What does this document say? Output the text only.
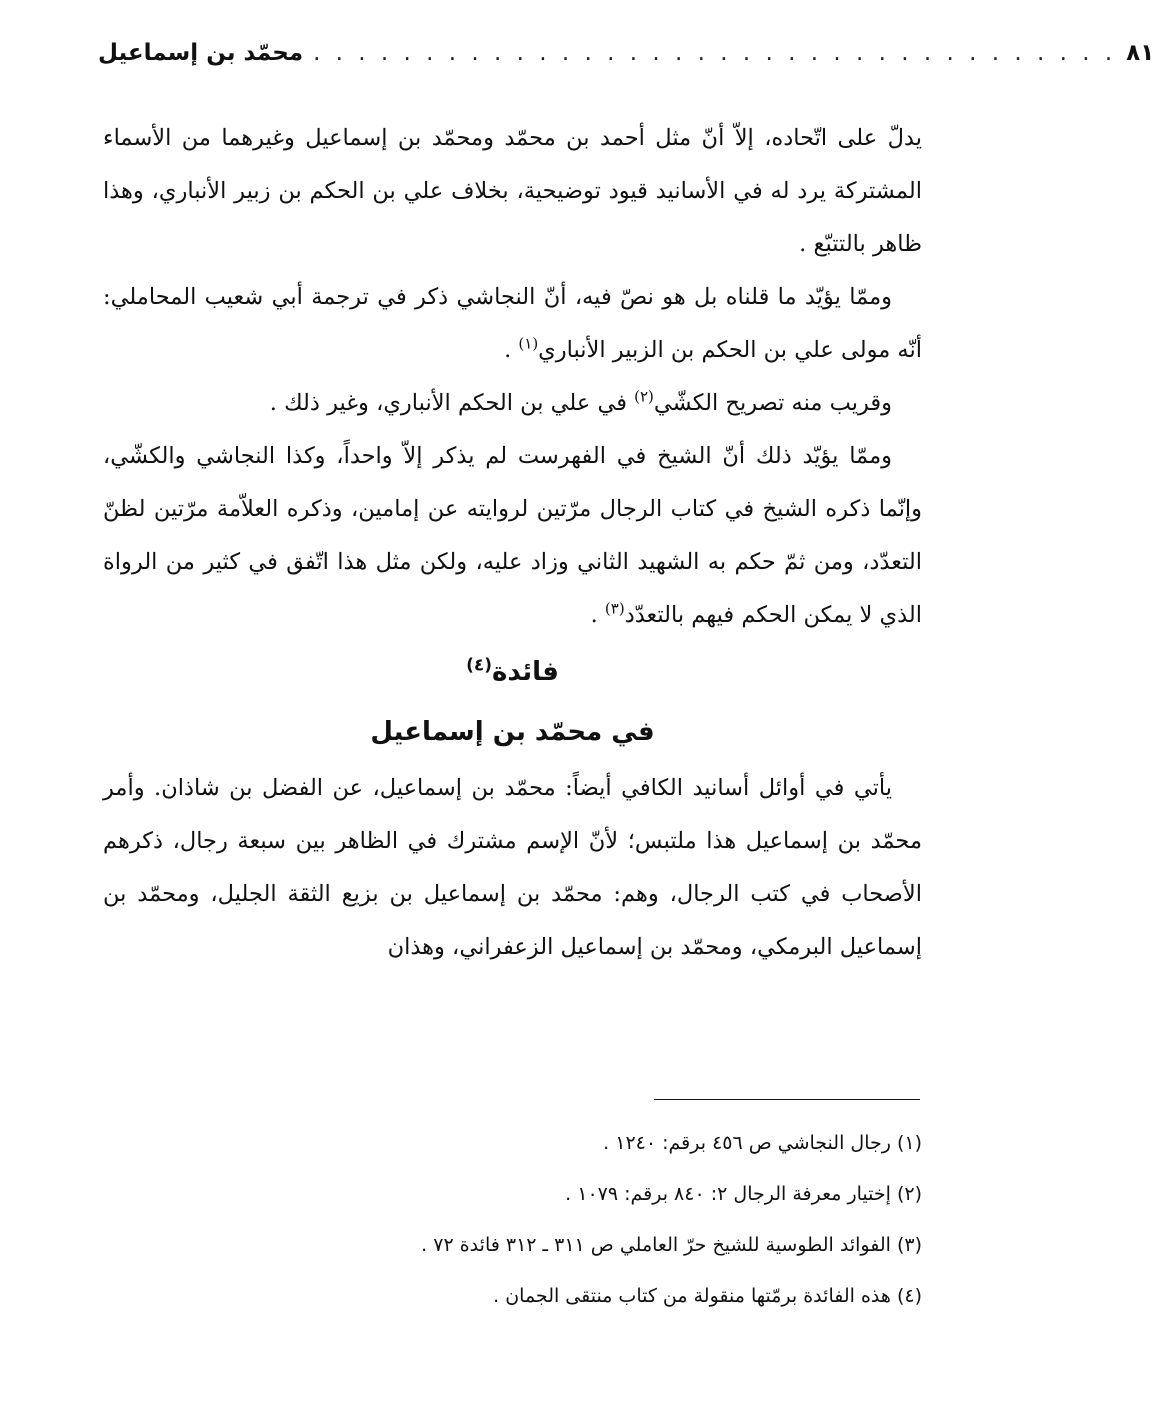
محمّد بن إسماعيل . . . . . . . . . . . . . . . . . . . . . . . . . . . . . . . . . . . . ٨١

يدلّ على اتّحاده، إلاّ أنّ مثل أحمد بن محمّد ومحمّد بن إسماعيل وغيرهما من الأسماء المشتركة يرد له في الأسانيد قيود توضيحية، بخلاف علي بن الحكم بن زبير الأنباري، وهذا ظاهر بالتتبّع .

وممّا يؤيّد ما قلناه بل هو نصّ فيه، أنّ النجاشي ذكر في ترجمة أبي شعيب المحاملي: أنّه مولى علي بن الحكم بن الزبير الأنباري$^{(١)}$ .

وقريب منه تصريح الكشّي$^{(٢)}$ في علي بن الحكم الأنباري، وغير ذلك .

وممّا يؤيّد ذلك أنّ الشيخ في الفهرست لم يذكر إلاّ واحداً، وكذا النجاشي والكشّي، وإنّما ذكره الشيخ في كتاب الرجال مرّتين لروايته عن إمامين، وذكره العلاّمة مرّتين لظنّ التعدّد، ومن ثمّ حكم به الشهيد الثاني وزاد عليه، ولكن مثل هذا اتّفق في كثير من الرواة الذي لا يمكن الحكم فيهم بالتعدّد$^{(٣)}$ .

فائدة$^{(٤)}$
في محمّد بن إسماعيل

يأتي في أوائل أسانيد الكافي أيضاً: محمّد بن إسماعيل، عن الفضل بن شاذان. وأمر محمّد بن إسماعيل هذا ملتبس؛ لأنّ الإسم مشترك في الظاهر بين سبعة رجال، ذكرهم الأصحاب في كتب الرجال، وهم: محمّد بن إسماعيل بن بزيع الثقة الجليل، ومحمّد بن إسماعيل البرمكي، ومحمّد بن إسماعيل الزعفراني، وهذان

(١) رجال النجاشي ص ٤٥٦ برقم: ١٢٤٠ .

(٢) إختيار معرفة الرجال ٢: ٨٤٠ برقم: ١٠٧٩ .

(٣) الفوائد الطوسية للشيخ حرّ العاملي ص ٣١١ ـ ٣١٢ فائدة ٧٢ .

(٤) هذه الفائدة برمّتها منقولة من كتاب منتقى الجمان .
